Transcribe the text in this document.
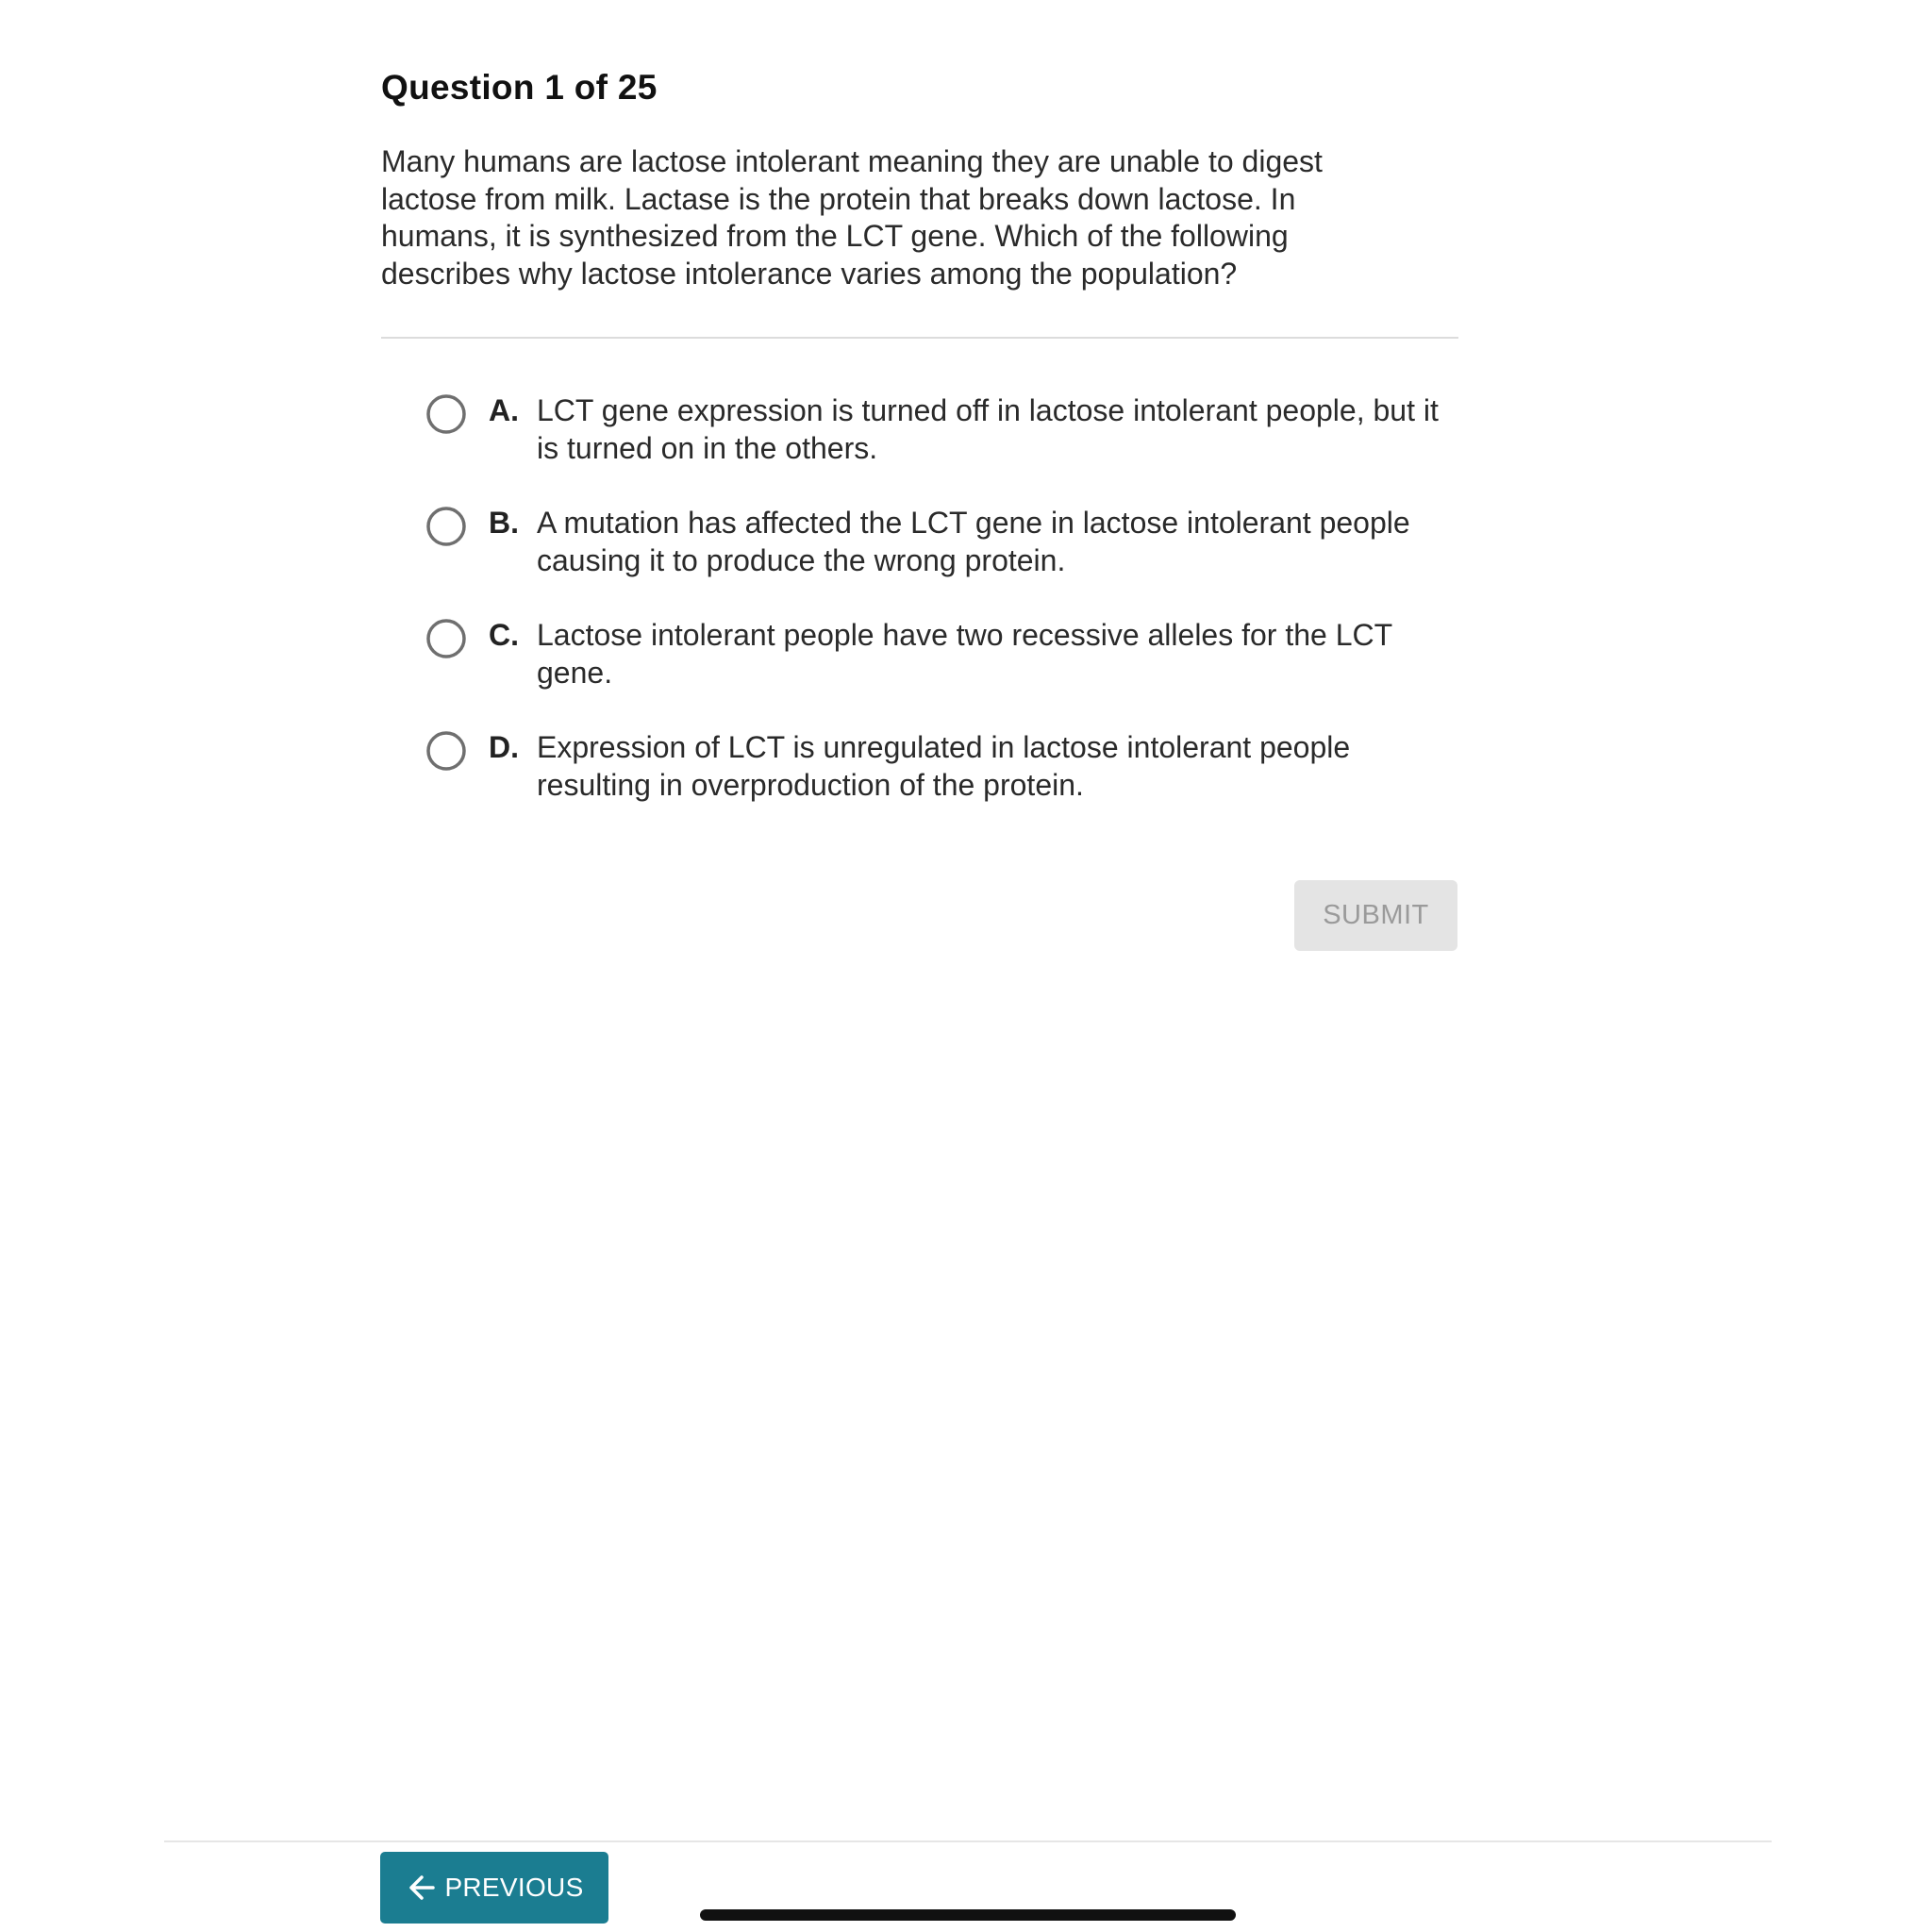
Question 1 of 25
Many humans are lactose intolerant meaning they are unable to digest lactose from milk. Lactase is the protein that breaks down lactose. In humans, it is synthesized from the LCT gene. Which of the following describes why lactose intolerance varies among the population?
A. LCT gene expression is turned off in lactose intolerant people, but it is turned on in the others.
B. A mutation has affected the LCT gene in lactose intolerant people causing it to produce the wrong protein.
C. Lactose intolerant people have two recessive alleles for the LCT gene.
D. Expression of LCT is unregulated in lactose intolerant people resulting in overproduction of the protein.
SUBMIT
PREVIOUS
